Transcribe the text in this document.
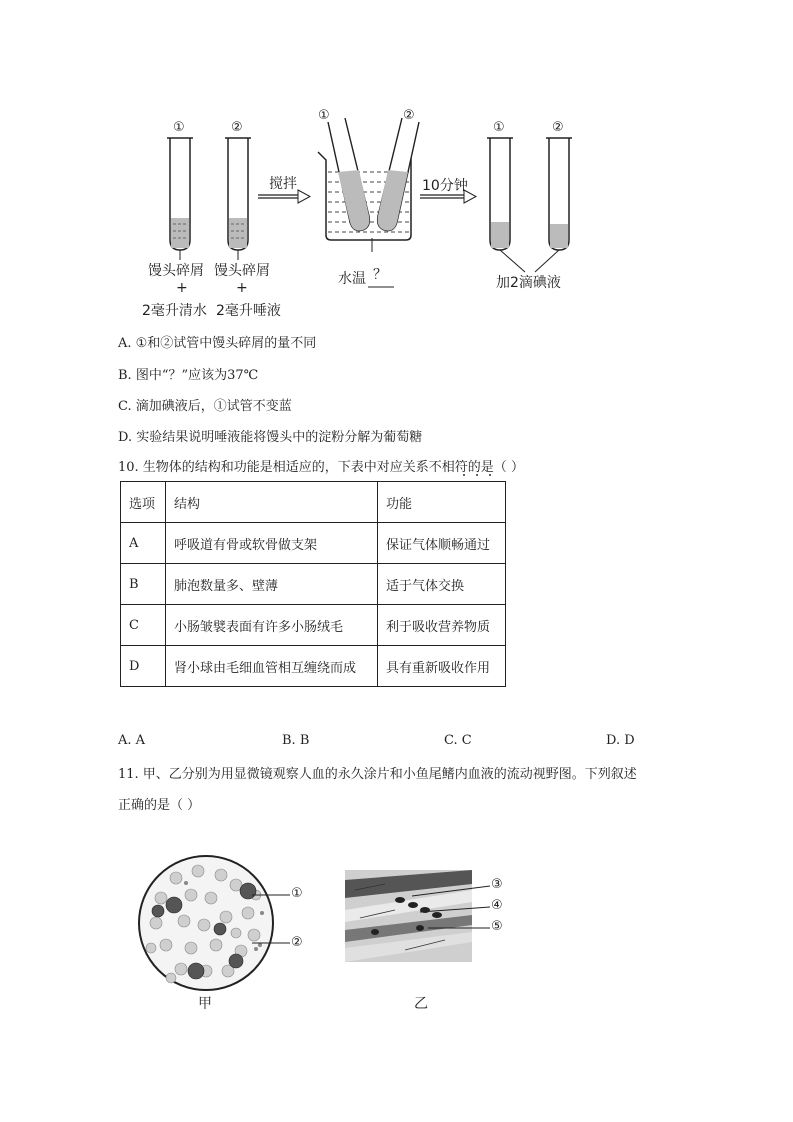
①	②
①	②
①	②
馒头碎屑
+
2毫升清水
馒头碎屑
+
2毫升唾液
搅拌
水温 ？
10分钟
加2滴碘液
A. ①和②试管中馒头碎屑的量不同
B. 图中“？”应该为37℃
C. 滴加碘液后，①试管不变蓝
D. 实验结果说明唾液能将馒头中的淀粉分解为葡萄糖
10. 生物体的结构和功能是相适应的，下表中对应关系不相符的是（ ）
选项	结构	功能
A	呼吸道有骨或软骨做支架	保证气体顺畅通过
B	肺泡数量多、壁薄	适于气体交换
C	小肠皱襞表面有许多小肠绒毛	利于吸收营养物质
D	肾小球由毛细血管相互缠绕而成	具有重新吸收作用
A. A	B. B	C. C	D. D
11. 甲、乙分别为用显微镜观察人血的永久涂片和小鱼尾鳍内血液的流动视野图。下列叙述
正确的是（ ）
①
②
甲
③
④
⑤
乙
